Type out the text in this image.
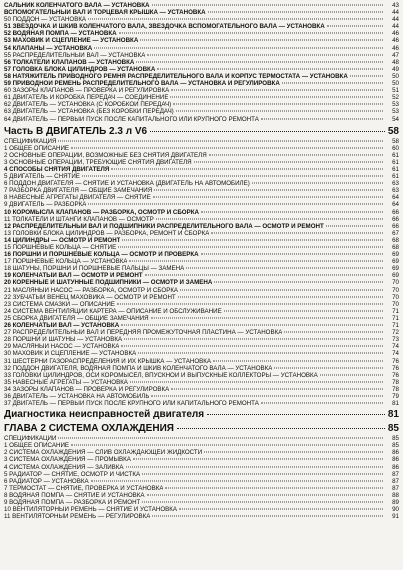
САЛЬНИК КОЛЕНЧАТОГО ВАЛА — УСТАНОВКА	43
ВСПОМОГАТЕЛЬНЫЙ ВАЛ И ТОРЦЕВАЯ КРЫШКА — УСТАНОВКА	44
50 ПОДДОН — УСТАНОВКА	44
51 ЗВЕЗДОЧКА И ШКИВ КОЛЕНЧАТОГО ВАЛА, ЗВЕЗДОЧКА ВСПОМОГАТЕЛЬНОГО ВАЛА — УСТАНОВКА	44
52 ВОДЯНАЯ ПОМПА — УСТАНОВКА	46
53 МАХОВИК И СЦЕПЛЕНИЕ — УСТАНОВКА	46
54 КЛАПАНЫ — УСТАНОВКА	46
55 РАСПРЕДЕЛИТЕЛЬНЫЙ ВАЛ — УСТАНОВКА	47
56 ТОЛКАТЕЛИ КЛАПАНОВ — УСТАНОВКА	48
57 ГОЛОВКА БЛОКА ЦИЛИНДРОВ — УСТАНОВКА	49
58 НАТЯЖИТЕЛЬ ПРИВОДНОГО РЕМНЯ РАСПРЕДЕЛИТЕЛЬНОГО ВАЛА И КОРПУС ТЕРМОСТАТА — УСТАНОВКА	50
59 ПРИВОДНОЙ РЕМЕНЬ РАСПРЕДЕЛИТЕЛЬНОГО ВАЛА — УСТАНОВКА И РЕГУЛИРОВКА	50
60 ЗАЗОРЫ КЛАПАНОВ — ПРОВЕРКА И РЕГУЛИРОВКА	51
61 ДВИГАТЕЛЬ И КОРОБКА ПЕРЕДАЧ — СОЕДИНЕНИЕ	52
62 ДВИГАТЕЛЬ — УСТАНОВКА (С КОРОБКОЙ ПЕРЕДАЧ)	53
63 ДВИГАТЕЛЬ — УСТАНОВКА (БЕЗ КОРОБКИ ПЕРЕДАЧ)	53
64 ДВИГАТЕЛЬ — ПЕРВЫЙ ПУСК ПОСЛЕ КАПИТАЛЬНОГО ИЛИ КРУПНОГО РЕМОНТА	54
Часть В ДВИГАТЕЛЬ 2.3 л V6	58
СПЕЦИФИКАЦИЯ	58
1 ОБЩЕЕ ОПИСАНИЕ	60
2 ОСНОВНЫЕ ОПЕРАЦИИ, ВОЗМОЖНЫЕ БЕЗ СНЯТИЯ ДВИГАТЕЛЯ	61
3 ОСНОВНЫЕ ОПЕРАЦИИ, ТРЕБУЮЩИЕ СНЯТИЯ ДВИГАТЕЛЯ	61
4 СПОСОБЫ СНЯТИЯ ДВИГАТЕЛЯ	61
5 ДВИГАТЕЛЬ — СНЯТИЕ	61
6 ПОДДОН ДВИГАТЕЛЯ — СНЯТИЕ И УСТАНОВКА (ДВИГАТЕЛЬ НА АВТОМОБИЛЕ)	63
7 РАЗБОРКА ДВИГАТЕЛЯ — ОБЩИЕ ЗАМЕЧАНИЯ	63
8 НАВЕСНЫЕ АГРЕГАТЫ ДВИГАТЕЛЯ — СНЯТИЕ	64
9 ДВИГАТЕЛЬ — РАЗБОРКА	64
10 КОРОМЫСЛА КЛАПАНОВ — РАЗБОРКА, ОСМОТР И СБОРКА	66
11 ТОЛКАТЕЛИ И ШТАНГИ КЛАПАНОВ — ОСМОТР	66
12 РАСПРЕДЕЛИТЕЛЬНЫЙ ВАЛ И ПОДШИПНИКИ РАСПРЕДЕЛИТЕЛЬНОГО ВАЛА — ОСМОТР И РЕМОНТ	66
13 ГОЛОВКИ БЛОКА ЦИЛИНДРОВ — РАЗБОРКА, РЕМОНТ И СБОРКА	67
14 ЦИЛИНДРЫ — ОСМОТР И РЕМОНТ	68
15 ПОРШНЕВЫЕ КОЛЬЦА — СНЯТИЕ	68
16 ПОРШНИ И ПОРШНЕВЫЕ КОЛЬЦА — ОСМОТР И ПРОВЕРКА	69
17 ПОРШНЕВЫЕ КОЛЬЦА — УСТАНОВКА	69
18 ШАТУНЫ, ПОРШНИ И ПОРШНЕВЫЕ ПАЛЬЦЫ — ЗАМЕНА	69
19 КОЛЕНЧАТЫЙ ВАЛ — ОСМОТР И РЕМОНТ	69
20 КОРЕННЫЕ И ШАТУННЫЕ ПОДШИПНИКИ — ОСМОТР И ЗАМЕНА	70
21 МАСЛЯНЫЙ НАСОС — РАЗБОРКА, ОСМОТР И СБОРКА	70
22 ЗУБЧАТЫЙ ВЕНЕЦ МАХОВИКА — ОСМОТР И РЕМОНТ	70
23 СИСТЕМА СМАЗКИ — ОПИСАНИЕ	70
24 СИСТЕМА ВЕНТИЛЯЦИИ КАРТЕРА — ОПИСАНИЕ И ОБСЛУЖИВАНИЕ	71
25 СБОРКА ДВИГАТЕЛЯ — ОБЩИЕ ЗАМЕЧАНИЯ	71
26 КОЛЕНЧАТЫЙ ВАЛ — УСТАНОВКА	71
27 РАСПРЕДЕЛИТЕЛЬНЫЙ ВАЛ И ПЕРЕДНЯЯ ПРОМЕЖУТОЧНАЯ ПЛАСТИНА — УСТАНОВКА	72
28 ПОРШНИ И ШАТУНЫ — УСТАНОВКА	73
29 МАСЛЯНЫЙ НАСОС — УСТАНОВКА	74
30 МАХОВИК И СЦЕПЛЕНИЕ — УСТАНОВКА	74
31 ШЕСТЕРНИ ГАЗОРАСПРЕДЕЛЕНИЯ И ИХ КРЫШКА — УСТАНОВКА	76
32 ПОДДОН ДВИГАТЕЛЯ, ВОДЯНАЯ ПОМПА И ШКИВ КОЛЕНЧАТОГО ВАЛА — УСТАНОВКА	76
33 ГОЛОВКИ ЦИЛИНДРОВ, ОСИ КОРОМЫСЕЛ, ВПУСКНОЙ И ВЫПУСКНЫЕ КОЛЛЕКТОРЫ — УСТАНОВКА	76
35 НАВЕСНЫЕ АГРЕГАТЫ — УСТАНОВКА	78
34 ЗАЗОРЫ КЛАПАНОВ — ПРОВЕРКА И РЕГУЛИРОВКА	78
36 ДВИГАТЕЛЬ — УСТАНОВКА НА АВТОМОБИЛЬ	79
37 ДВИГАТЕЛЬ — ПЕРВЫЙ ПУСК ПОСЛЕ КРУПНОГО ИЛИ КАПИТАЛЬНОГО РЕМОНТА	81
Диагностика неисправностей двигателя	81
ГЛАВА 2 СИСТЕМА ОХЛАЖДЕНИЯ	85
СПЕЦИФИКАЦИИ	85
1 ОБЩЕЕ ОПИСАНИЕ	85
2 СИСТЕМА ОХЛАЖДЕНИЯ — СЛИВ ОХЛАЖДАЮЩЕЙ ЖИДКОСТИ	86
3 СИСТЕМА ОХЛАЖДЕНИЯ — ПРОМЫВКА	86
4 СИСТЕМА ОХЛАЖДЕНИЯ — ЗАЛИВКА	86
5 РАДИАТОР — СНЯТИЕ, ОСМОТР И ЧИСТКА	87
6 РАДИАТОР — УСТАНОВКА	87
7 ТЕРМОСТАТ — СНЯТИЕ, ПРОВЕРКА И УСТАНОВКА	87
8 ВОДЯНАЯ ПОМПА — СНЯТИЕ И УСТАНОВКА	88
9 ВОДЯНАЯ ПОМПА — РАЗБОРКА И РЕМОНТ	89
10 ВЕНТИЛЯТОРНЫЙ РЕМЕНЬ — СНЯТИЕ И УСТАНОВКА	90
11 ВЕНТИЛЯТОРНЫЙ РЕМЕНЬ — РЕГУЛИРОВКА	91
